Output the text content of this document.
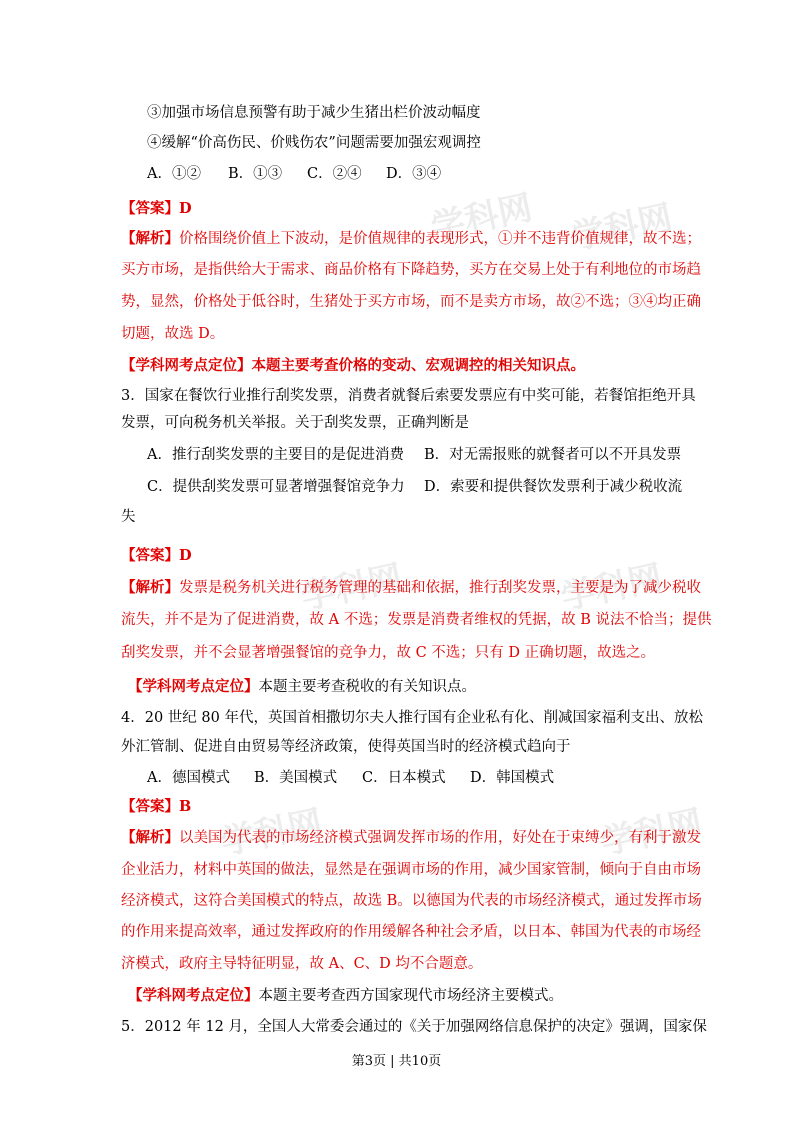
学科网 学科网
学科网	学科网
学科网	学科网
③加强市场信息预警有助于减少生猪出栏价波动幅度
④缓解“价高伤民、价贱伤农”问题需要加强宏观调控
A．①② B．①③ C．②④ D．③④
【答案】D
【解析】价格围绕价值上下波动，是价值规律的表现形式，①并不违背价值规律，故不选；
买方市场，是指供给大于需求、商品价格有下降趋势，买方在交易上处于有利地位的市场趋
势，显然，价格处于低谷时，生猪处于买方市场，而不是卖方市场，故②不选；③④均正确
切题，故选 D。
【学科网考点定位】本题主要考查价格的变动、宏观调控的相关知识点。
3．国家在餐饮行业推行刮奖发票，消费者就餐后索要发票应有中奖可能，若餐馆拒绝开具
发票，可向税务机关举报。关于刮奖发票，正确判断是
A．推行刮奖发票的主要目的是促进消费 B．对无需报账的就餐者可以不开具发票
C．提供刮奖发票可显著增强餐馆竞争力 D．索要和提供餐饮发票利于减少税收流
失
【答案】D
【解析】发票是税务机关进行税务管理的基础和依据，推行刮奖发票，主要是为了减少税收
流失，并不是为了促进消费，故 A 不选；发票是消费者维权的凭据，故 B 说法不恰当；提供
刮奖发票，并不会显著增强餐馆的竞争力，故 C 不选；只有 D 正确切题，故选之。
【学科网考点定位】本题主要考查税收的有关知识点。
4．20 世纪 80 年代，英国首相撒切尔夫人推行国有企业私有化、削减国家福利支出、放松
外汇管制、促进自由贸易等经济政策，使得英国当时的经济模式趋向于
A．德国模式 B．美国模式 C．日本模式 D．韩国模式
【答案】B
【解析】以美国为代表的市场经济模式强调发挥市场的作用，好处在于束缚少，有利于激发
企业活力，材料中英国的做法，显然是在强调市场的作用，减少国家管制，倾向于自由市场
经济模式，这符合美国模式的特点，故选 B。以德国为代表的市场经济模式，通过发挥市场
的作用来提高效率，通过发挥政府的作用缓解各种社会矛盾，以日本、韩国为代表的市场经
济模式，政府主导特征明显，故 A、C、D 均不合题意。
【学科网考点定位】本题主要考查西方国家现代市场经济主要模式。
5．2012 年 12 月，全国人大常委会通过的《关于加强网络信息保护的决定》强调，国家保
第3页 | 共10页
